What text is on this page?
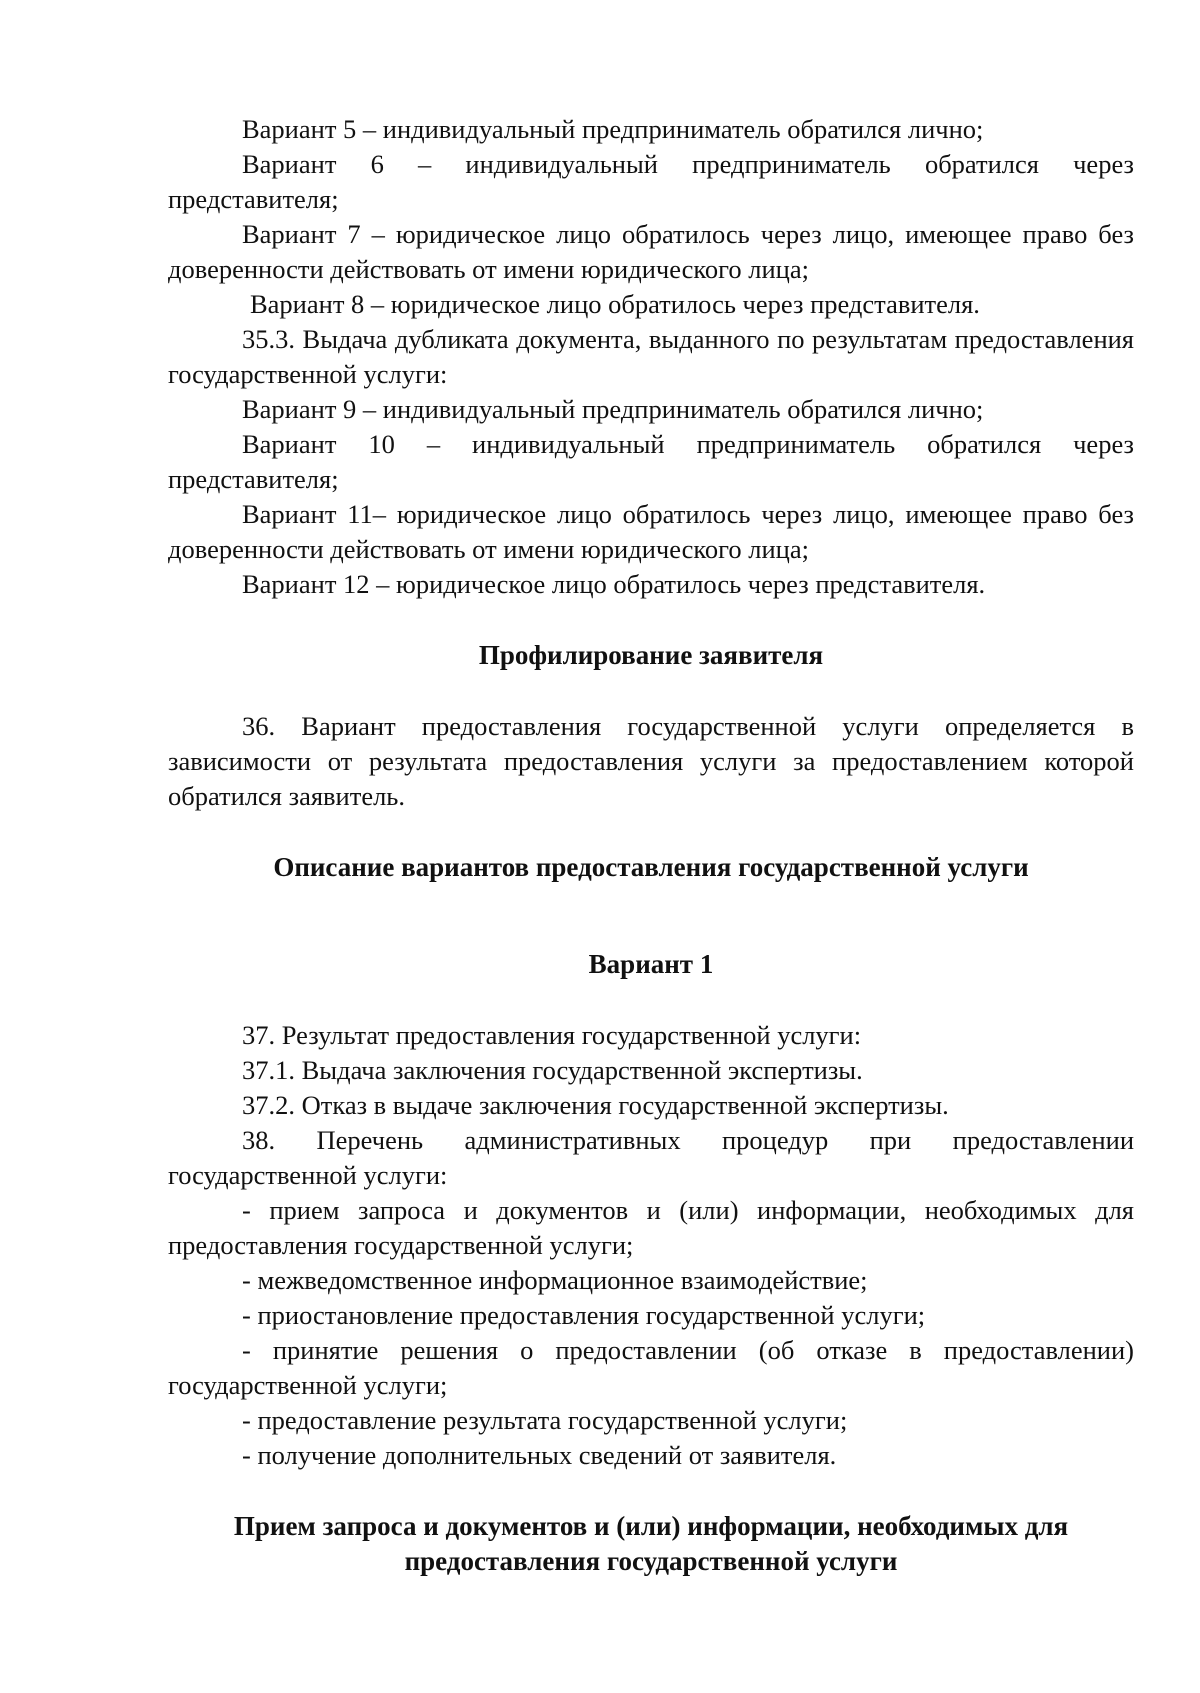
Вариант 5 – индивидуальный предприниматель обратился лично;

Вариант 6 – индивидуальный предприниматель обратился через представителя;

Вариант 7 – юридическое лицо обратилось через лицо, имеющее право без доверенности действовать от имени юридического лица;

Вариант 8 – юридическое лицо обратилось через представителя.

35.3. Выдача дубликата документа, выданного по результатам предоставления государственной услуги:

Вариант 9 – индивидуальный предприниматель обратился лично;

Вариант 10 – индивидуальный предприниматель обратился через представителя;

Вариант 11– юридическое лицо обратилось через лицо, имеющее право без доверенности действовать от имени юридического лица;

Вариант 12 – юридическое лицо обратилось через представителя.

Профилирование заявителя

36. Вариант предоставления государственной услуги определяется в зависимости от результата предоставления услуги за предоставлением которой обратился заявитель.

Описание вариантов предоставления государственной услуги

Вариант 1

37. Результат предоставления государственной услуги:

37.1. Выдача заключения государственной экспертизы.

37.2. Отказ в выдаче заключения государственной экспертизы.

38. Перечень административных процедур при предоставлении государственной услуги:

- прием запроса и документов и (или) информации, необходимых для предоставления государственной услуги;

- межведомственное информационное взаимодействие;

- приостановление предоставления государственной услуги;

- принятие решения о предоставлении (об отказе в предоставлении) государственной услуги;

- предоставление результата государственной услуги;

- получение дополнительных сведений от заявителя.

Прием запроса и документов и (или) информации, необходимых для

предоставления государственной услуги
